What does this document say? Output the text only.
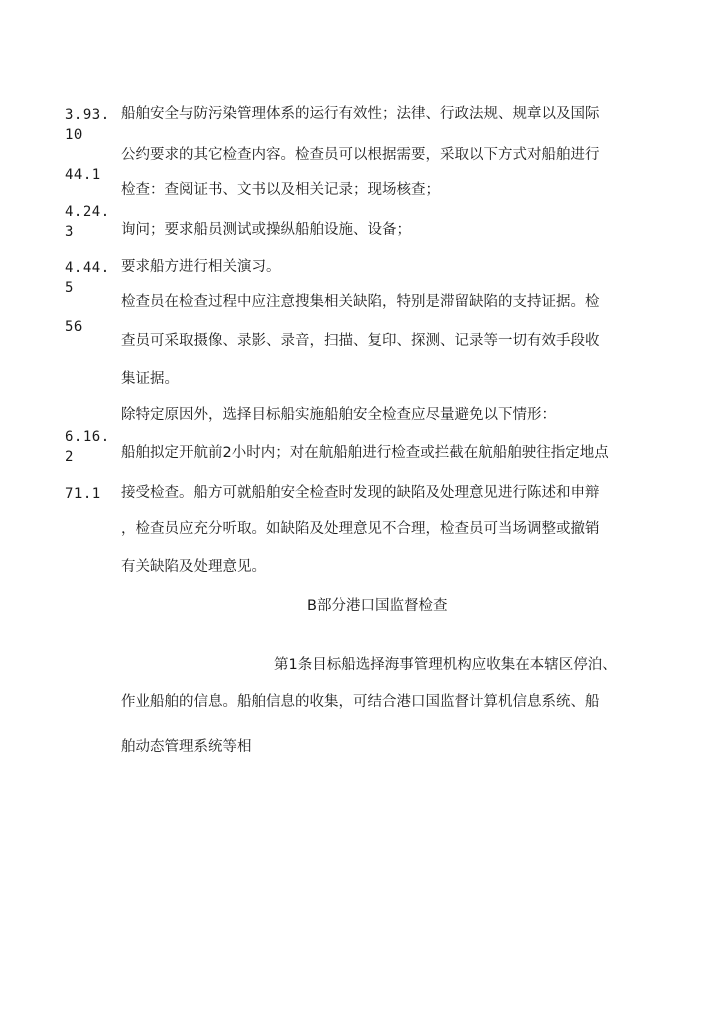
3.93.
10
44.1
4.24.
3
4.44.
5
56
6.16.
2
71.1
船舶安全与防污染管理体系的运行有效性；法律、行政法规、规章以及国际
公约要求的其它检查内容。检查员可以根据需要，采取以下方式对船舶进行
检查：查阅证书、文书以及相关记录；现场核查；
询问；要求船员测试或操纵船舶设施、设备；
要求船方进行相关演习。
检查员在检查过程中应注意搜集相关缺陷，特别是滞留缺陷的支持证据。检
查员可采取摄像、录影、录音，扫描、复印、探测、记录等一切有效手段收
集证据。
除特定原因外，选择目标船实施船舶安全检查应尽量避免以下情形：
船舶拟定开航前2小时内；对在航船舶进行检查或拦截在航船舶驶往指定地点
接受检查。船方可就船舶安全检查时发现的缺陷及处理意见进行陈述和申辩
，检查员应充分听取。如缺陷及处理意见不合理，检查员可当场调整或撤销
有关缺陷及处理意见。
B部分港口国监督检查
第1条目标船选择海事管理机构应收集在本辖区停泊、
作业船舶的信息。船舶信息的收集，可结合港口国监督计算机信息系统、船
舶动态管理系统等相
